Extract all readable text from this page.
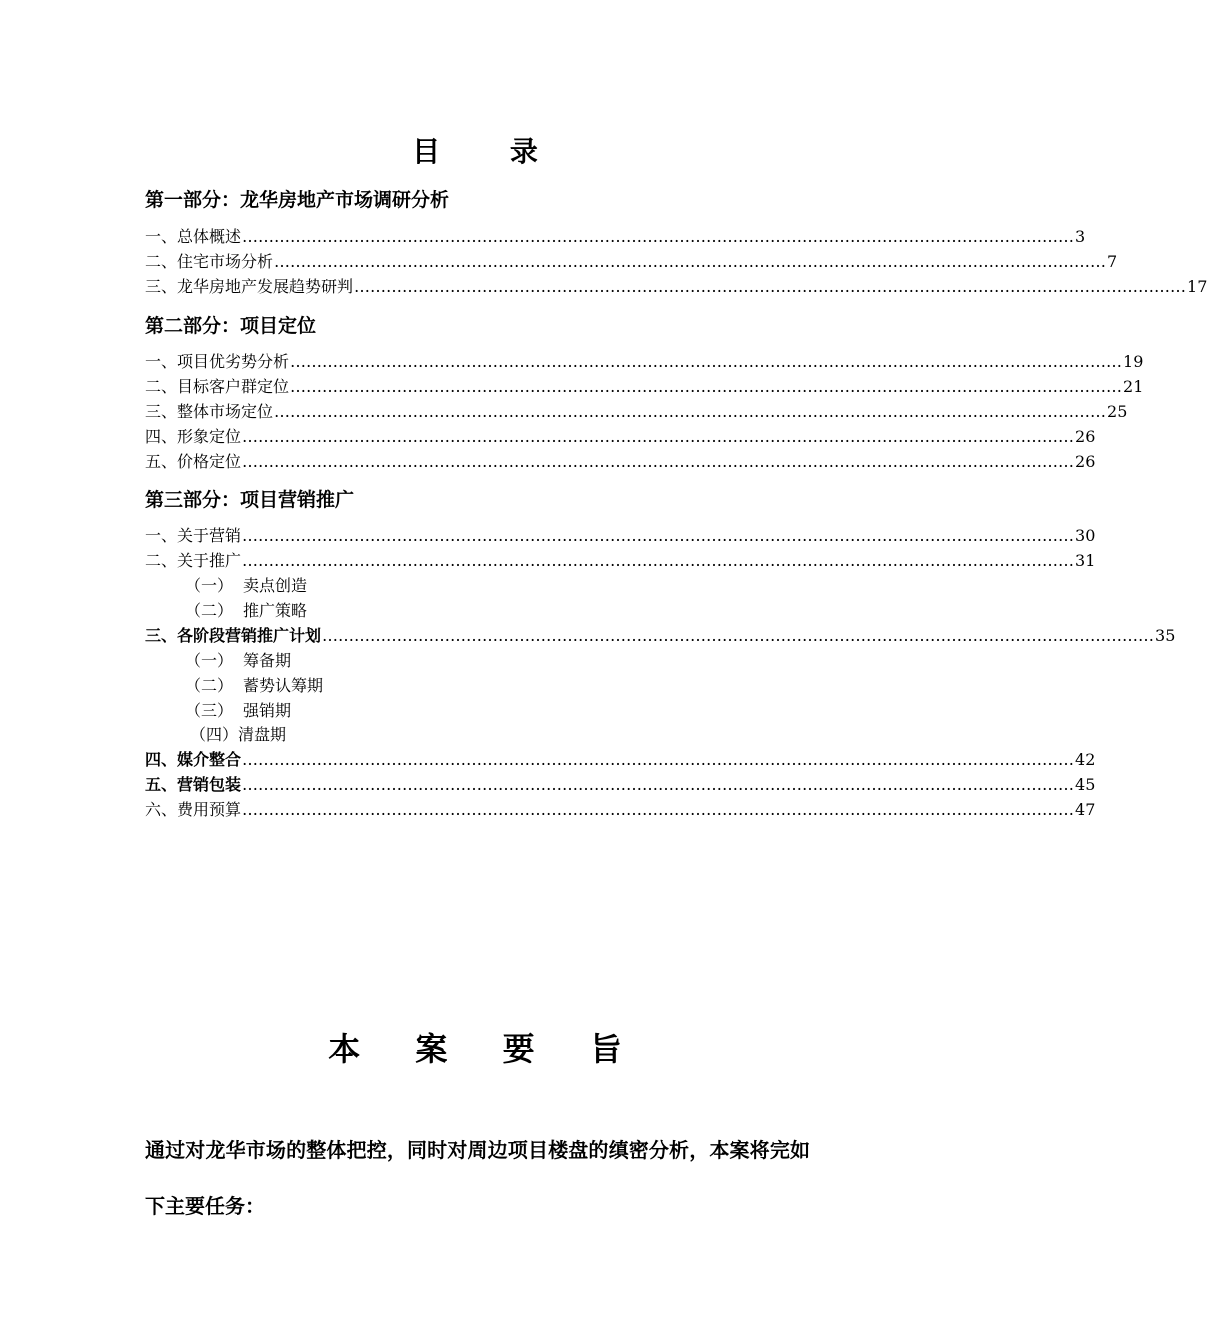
目 录
第一部分：龙华房地产市场调研分析
一、 总体概述 ………………………………………………………………………………………………………………………………………… 3
二、 住宅市场分析 ………………………………………………………………………………………………………………………………………… 7
三、 龙华房地产发展趋势研判 ………………………………………………………………………………………………………………………………………… 17
第二部分：项目定位
一、 项目优劣势分析 ………………………………………………………………………………………………………………………………………… 19
二、 目标客户群定位 ………………………………………………………………………………………………………………………………………… 21
三、 整体市场定位 ………………………………………………………………………………………………………………………………………… 25
四、 形象定位 ………………………………………………………………………………………………………………………………………… 26
五、 价格定位 ………………………………………………………………………………………………………………………………………… 26
第三部分：项目营销推广
一、 关于营销 ………………………………………………………………………………………………………………………………………… 30
二、 关于推广 ………………………………………………………………………………………………………………………………………… 31
（一） 卖点创造
（二） 推广策略
三、 各阶段营销推广计划 ………………………………………………………………………………………………………………………………………… 35
（一） 筹备期
（二） 蓄势认筹期
（三） 强销期
（四）清盘期
四、 媒介整合 ………………………………………………………………………………………………………………………………………… 42
五、 营销包装 ………………………………………………………………………………………………………………………………………… 45
六、 费用预算 ………………………………………………………………………………………………………………………………………… 47
本 案 要 旨
通过对龙华市场的整体把控，同时对周边项目楼盘的缜密分析，本案将完如下主要任务：
